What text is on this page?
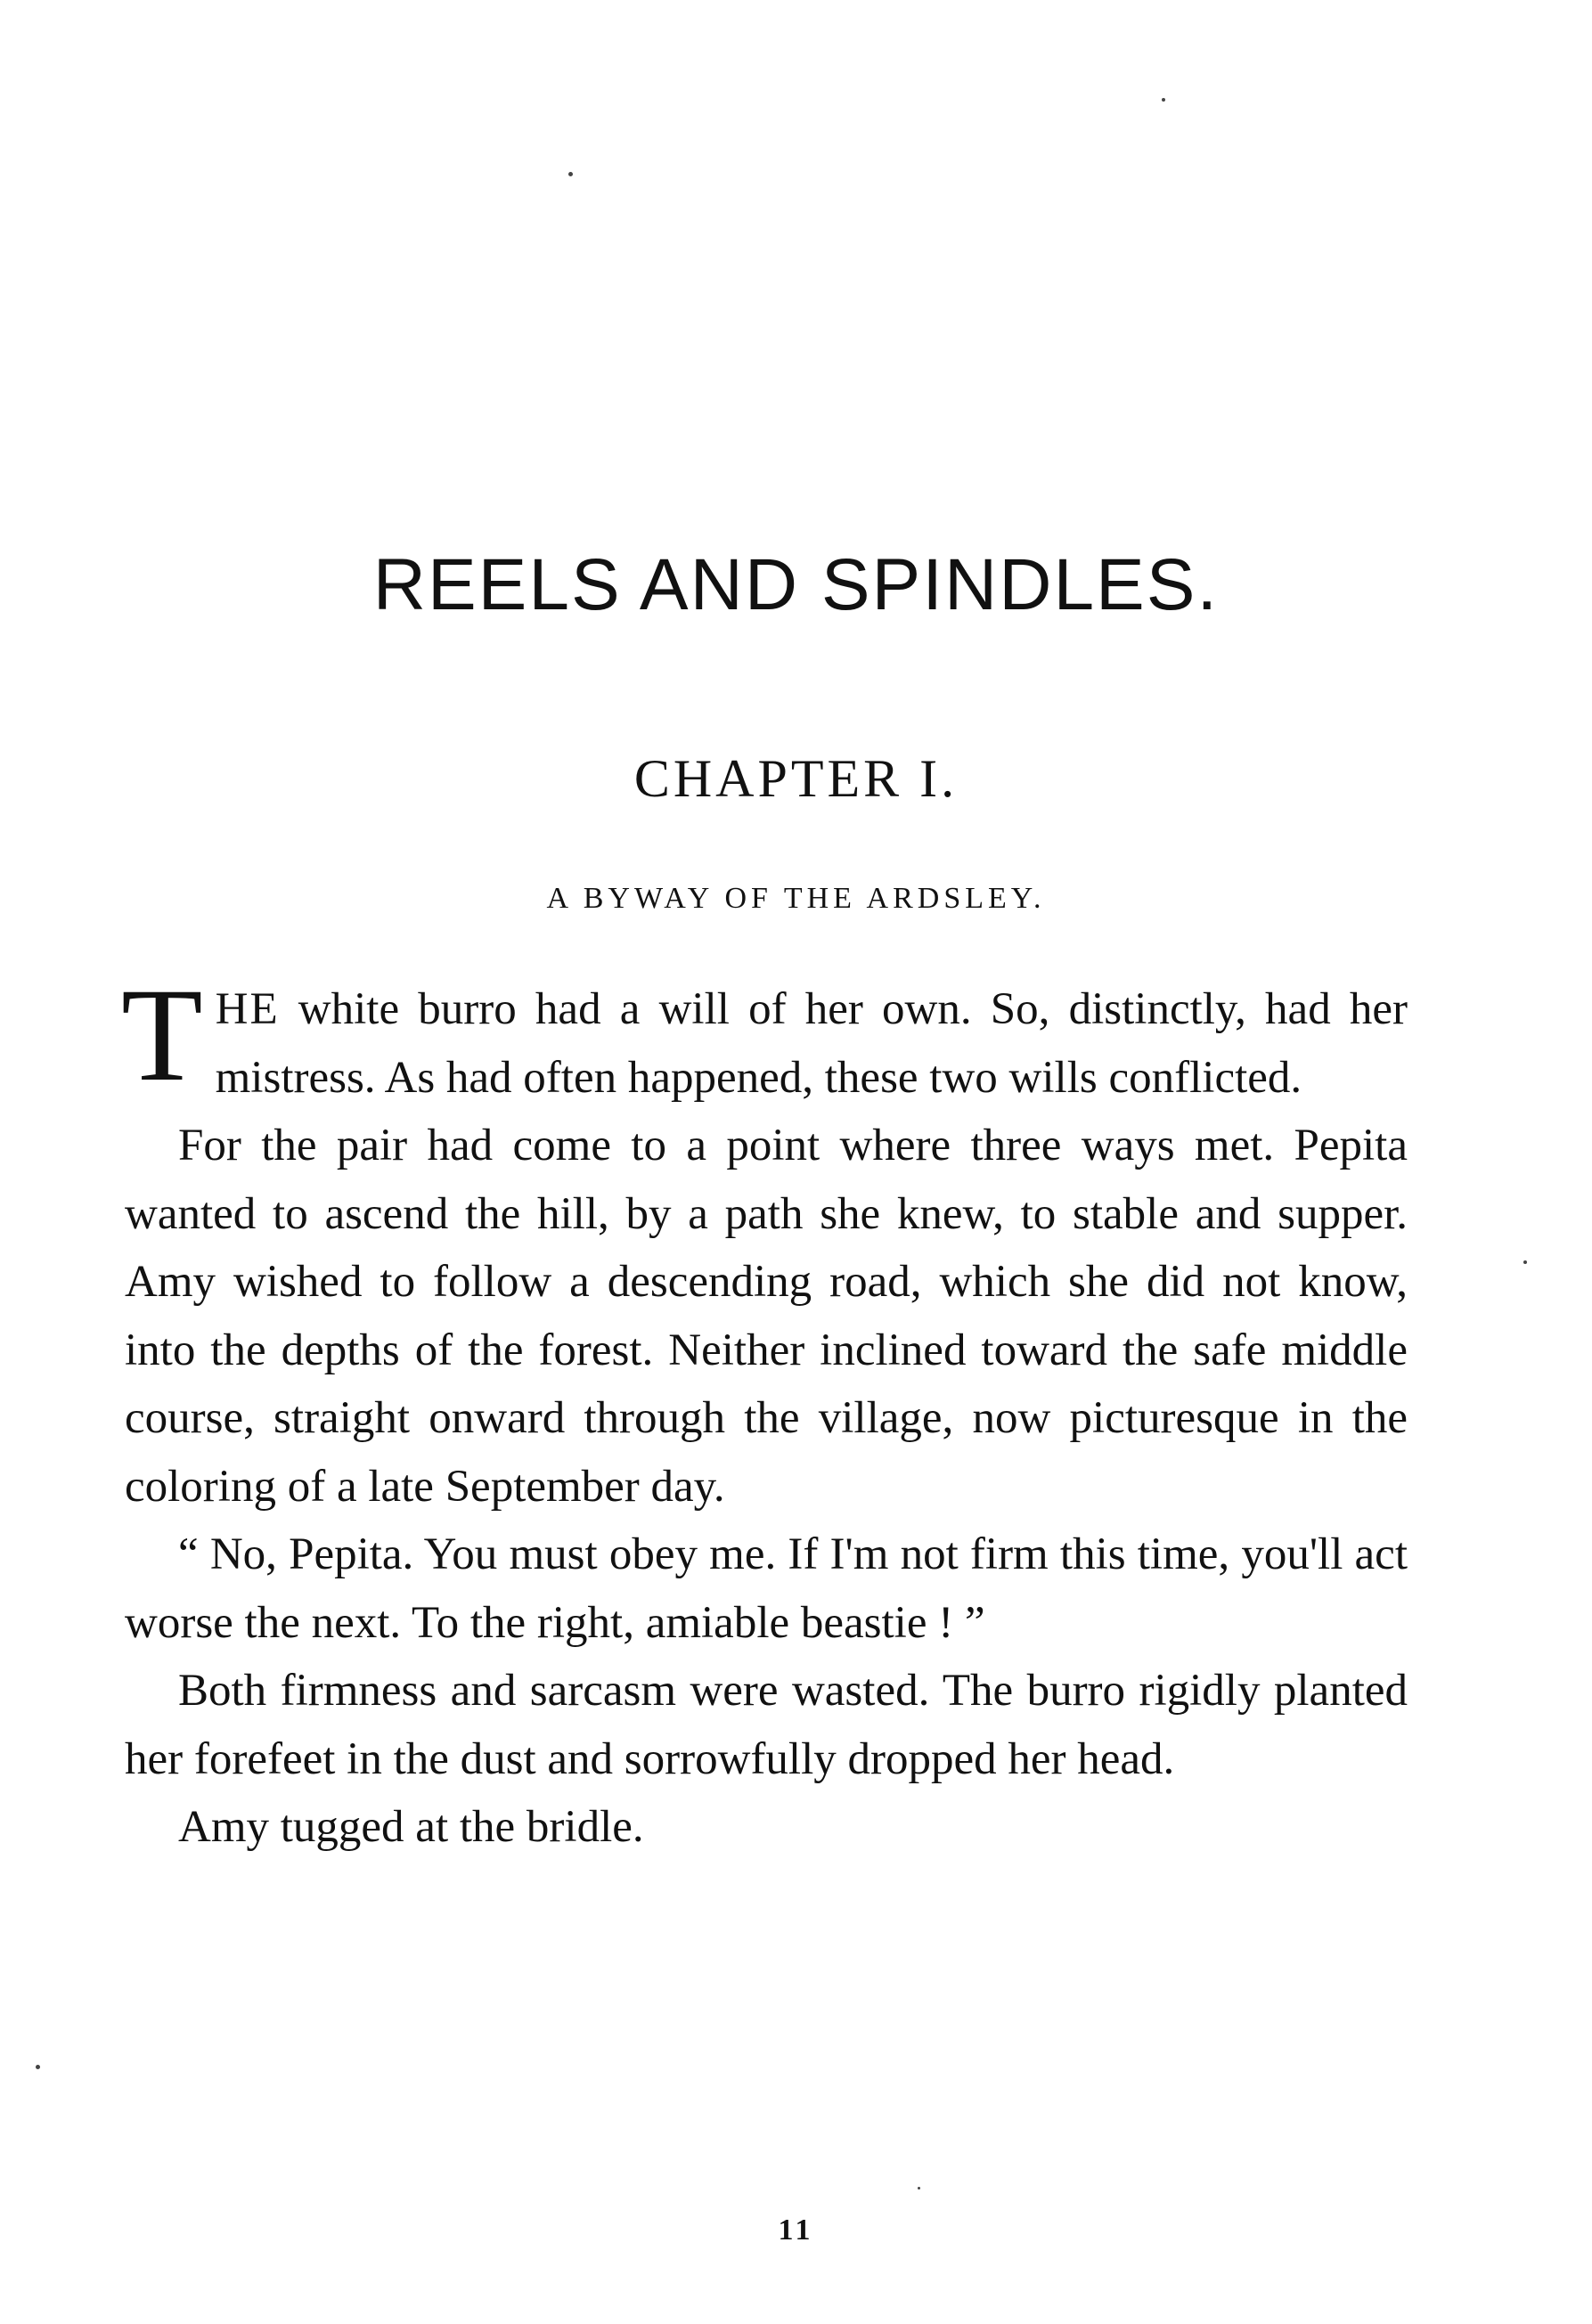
REELS AND SPINDLES.
CHAPTER I.
A BYWAY OF THE ARDSLEY.

THE white burro had a will of her own. So, distinctly, had her mistress. As had often happened, these two wills conflicted.

For the pair had come to a point where three ways met. Pepita wanted to ascend the hill, by a path she knew, to stable and supper. Amy wished to follow a descending road, which she did not know, into the depths of the forest. Neither inclined toward the safe middle course, straight onward through the village, now picturesque in the coloring of a late September day.

“ No, Pepita. You must obey me. If I'm not firm this time, you'll act worse the next. To the right, amiable beastie ! ”

Both firmness and sarcasm were wasted. The burro rigidly planted her forefeet in the dust and sorrowfully dropped her head.

Amy tugged at the bridle.

11
